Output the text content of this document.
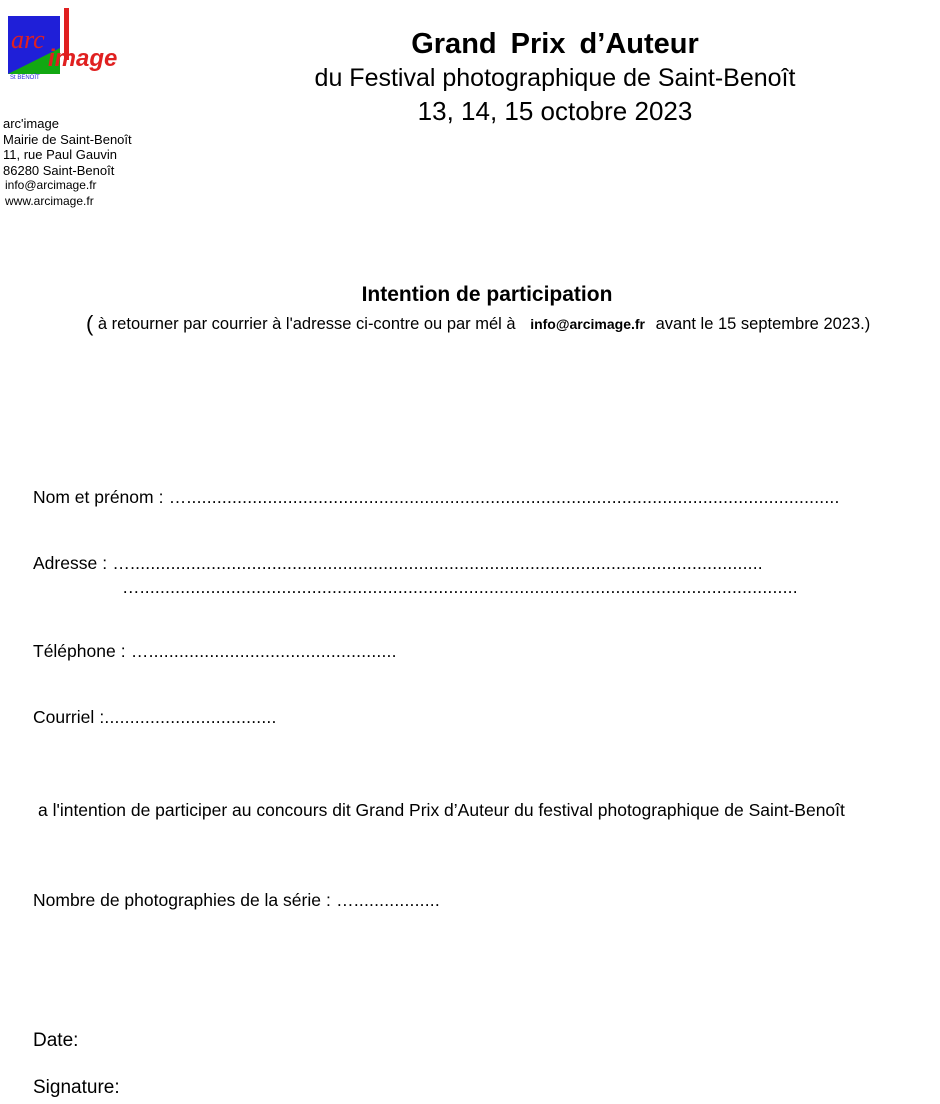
arc
image
St BENOÎT
arc'image
Mairie de Saint-Benoît
11, rue Paul Gauvin
86280 Saint-Benoît
info@arcimage.fr
www.arcimage.fr
Grand Prix d’Auteur
du Festival photographique de Saint-Benoît
13, 14, 15 octobre 2023
Intention de participation
( à retourner par courrier à l'adresse ci-contre ou par mél à info@arcimage.fr avant le 15 septembre 2023.)
Nom et prénom : ….................................................................................................................................
Adresse : ….............................................................................................................................
…..................................................................................................................................
Téléphone : ….................................................
Courriel :..................................
a l'intention de participer au concours dit Grand Prix d’Auteur du festival photographique de Saint-Benoît
Nombre de photographies de la série : ….................
Date:
Signature:
